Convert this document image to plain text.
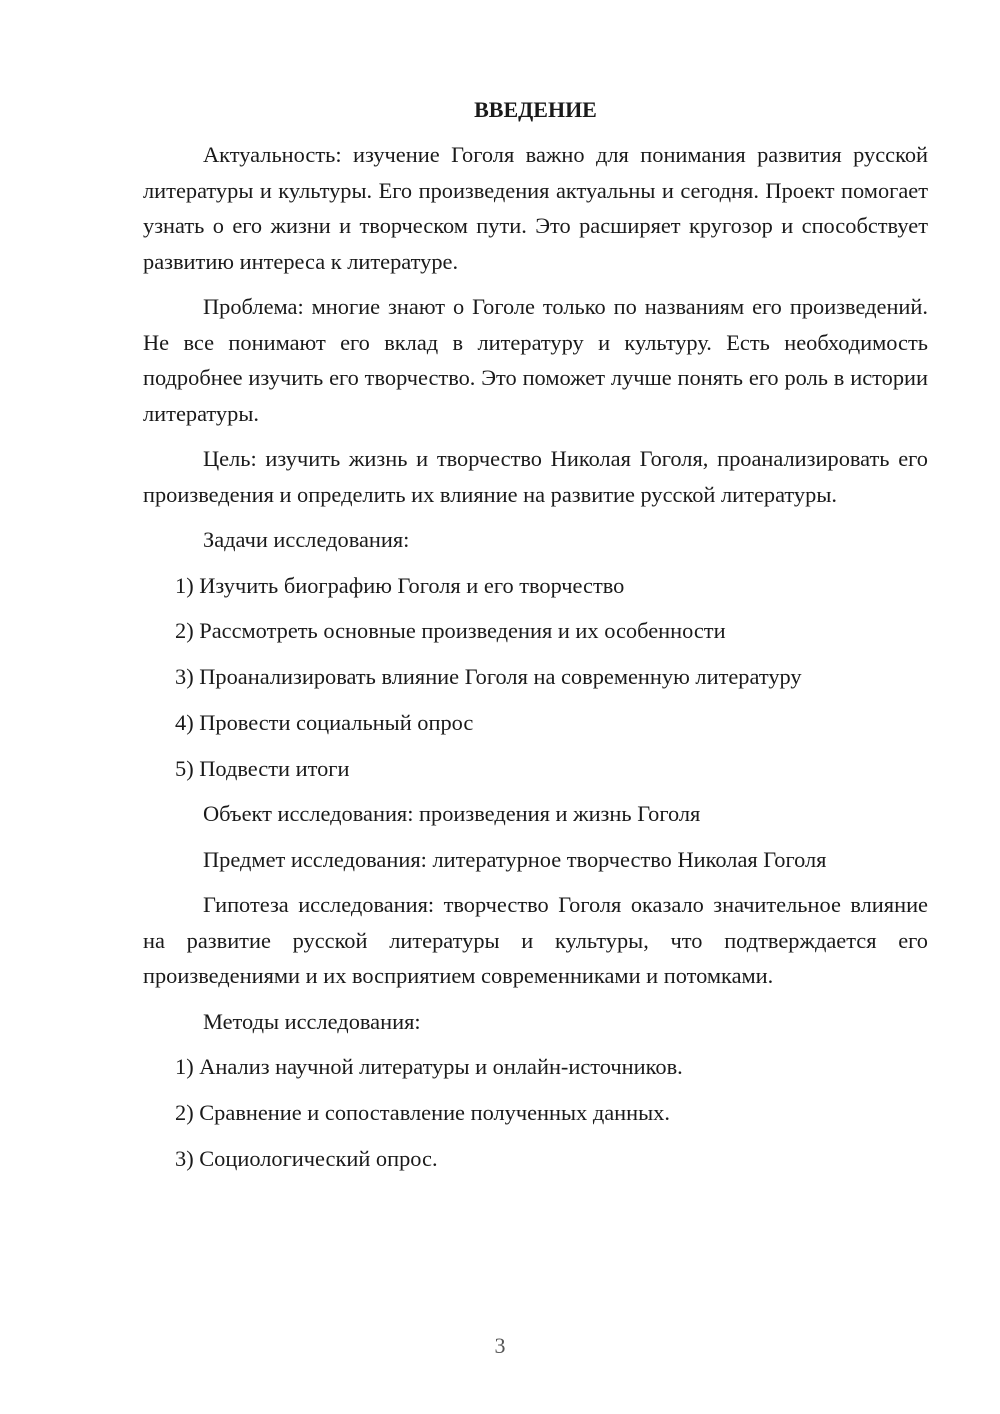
ВВЕДЕНИЕ

Актуальность: изучение Гоголя важно для понимания развития русской литературы и культуры. Его произведения актуальны и сегодня. Проект помогает узнать о его жизни и творческом пути. Это расширяет кругозор и способствует развитию интереса к литературе.

Проблема: многие знают о Гоголе только по названиям его произведений. Не все понимают его вклад в литературу и культуру. Есть необходимость подробнее изучить его творчество. Это поможет лучше понять его роль в истории литературы.

Цель: изучить жизнь и творчество Николая Гоголя, проанализировать его произведения и определить их влияние на развитие русской литературы.

Задачи исследования:
1) Изучить биографию Гоголя и его творчество
2) Рассмотреть основные произведения и их особенности
3) Проанализировать влияние Гоголя на современную литературу
4) Провести социальный опрос
5) Подвести итоги
Объект исследования: произведения и жизнь Гоголя
Предмет исследования: литературное творчество Николая Гоголя

Гипотеза исследования: творчество Гоголя оказало значительное влияние на развитие русской литературы и культуры, что подтверждается его произведениями и их восприятием современниками и потомками.

Методы исследования:
1) Анализ научной литературы и онлайн-источников.
2) Сравнение и сопоставление полученных данных.
3) Социологический опрос.
3
